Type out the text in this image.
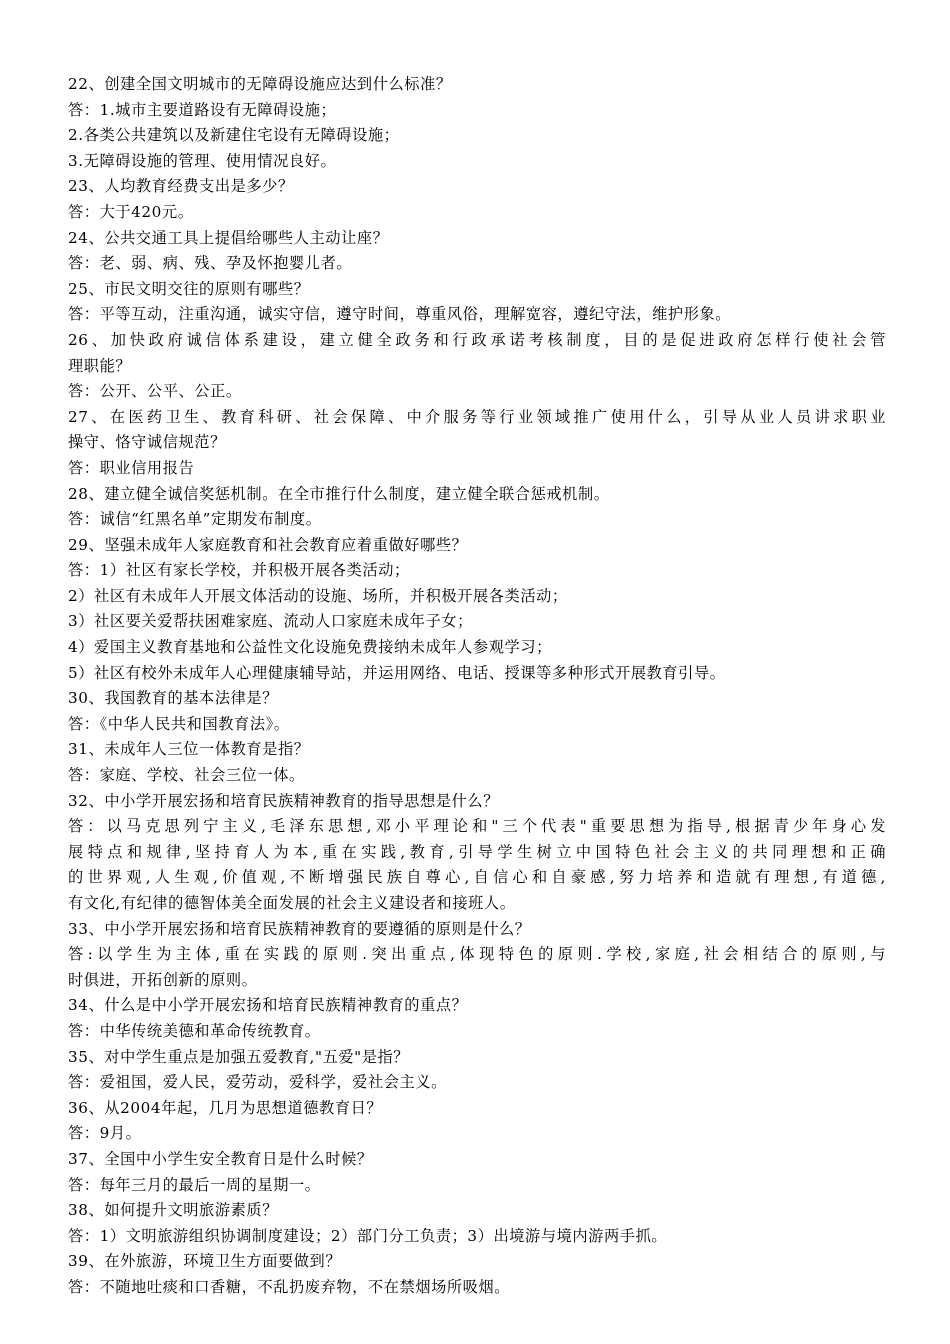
22、创建全国文明城市的无障碍设施应达到什么标准？
答：1.城市主要道路设有无障碍设施；
2.各类公共建筑以及新建住宅设有无障碍设施；
3.无障碍设施的管理、使用情况良好。
23、人均教育经费支出是多少？
答：大于420元。
24、公共交通工具上提倡给哪些人主动让座？
答：老、弱、病、残、孕及怀抱婴儿者。
25、市民文明交往的原则有哪些？
答：平等互动，注重沟通，诚实守信，遵守时间，尊重风俗，理解宽容，遵纪守法，维护形象。
26、加快政府诚信体系建设，建立健全政务和行政承诺考核制度，目的是促进政府怎样行使社会管
理职能？
答：公开、公平、公正。
27、在医药卫生、教育科研、社会保障、中介服务等行业领域推广使用什么，引导从业人员讲求职业
操守、恪守诚信规范？
答：职业信用报告
28、建立健全诚信奖惩机制。在全市推行什么制度，建立健全联合惩戒机制。
答：诚信“红黑名单”定期发布制度。
29、坚强未成年人家庭教育和社会教育应着重做好哪些？
答：1）社区有家长学校，并积极开展各类活动；
2）社区有未成年人开展文体活动的设施、场所，并积极开展各类活动；
3）社区要关爱帮扶困难家庭、流动人口家庭未成年子女；
4）爱国主义教育基地和公益性文化设施免费接纳未成年人参观学习；
5）社区有校外未成年人心理健康辅导站，并运用网络、电话、授课等多种形式开展教育引导。
30、我国教育的基本法律是？
答：《中华人民共和国教育法》。
31、未成年人三位一体教育是指？
答：家庭、学校、社会三位一体。
32、中小学开展宏扬和培育民族精神教育的指导思想是什么？
答：以马克思列宁主义,毛泽东思想,邓小平理论和"三个代表"重要思想为指导,根据青少年身心发
展特点和规律,坚持育人为本,重在实践,教育,引导学生树立中国特色社会主义的共同理想和正确
的世界观,人生观,价值观,不断增强民族自尊心,自信心和自豪感,努力培养和造就有理想,有道德,
有文化,有纪律的德智体美全面发展的社会主义建设者和接班人。
33、中小学开展宏扬和培育民族精神教育的要遵循的原则是什么？
答:以学生为主体,重在实践的原则.突出重点,体现特色的原则.学校,家庭,社会相结合的原则,与
时俱进，开拓创新的原则。
34、什么是中小学开展宏扬和培育民族精神教育的重点？
答：中华传统美德和革命传统教育。
35、对中学生重点是加强五爱教育,"五爱"是指？
答：爱祖国，爱人民，爱劳动，爱科学，爱社会主义。
36、从2004年起，几月为思想道德教育日？
答：9月。
37、全国中小学生安全教育日是什么时候？
答：每年三月的最后一周的星期一。
38、如何提升文明旅游素质？
答：1）文明旅游组织协调制度建设；2）部门分工负责；3）出境游与境内游两手抓。
39、在外旅游，环境卫生方面要做到？
答：不随地吐痰和口香糖，不乱扔废弃物，不在禁烟场所吸烟。
